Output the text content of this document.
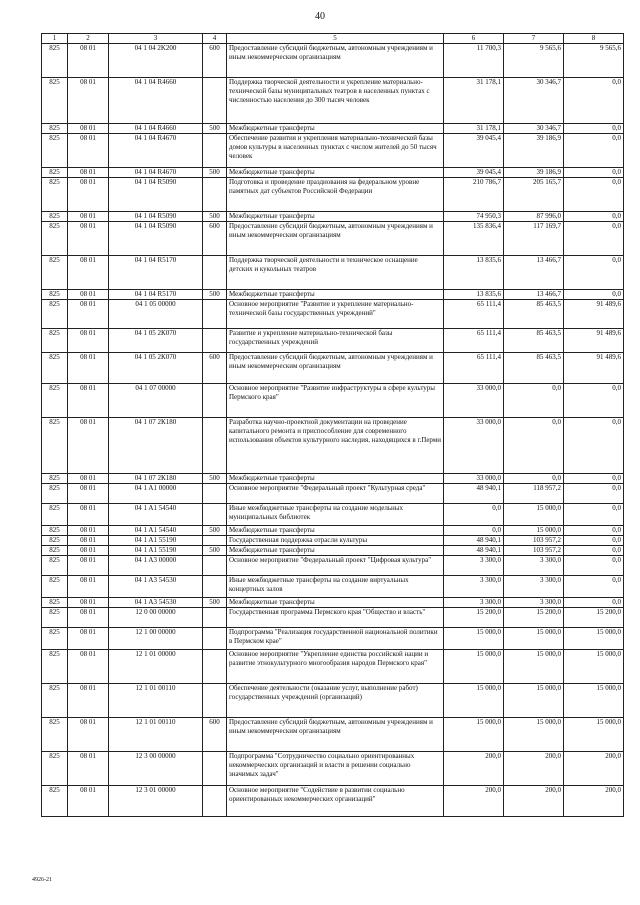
40
1	2	3	4	5	6	7	8
825	08 01	04 1 04 2K200	600	Предоставление субсидий бюджетным, автономным учреждениям и иным некоммерческим организациям	11 700,3	9 565,6	9 565,6
825	08 01	04 1 04 R4660		Поддержка творческой деятельности и укрепление материально-технической базы муниципальных театров в населенных пунктах с численностью населения до 300 тысяч человек	31 178,1	30 346,7	0,0
825	08 01	04 1 04 R4660	500	Межбюджетные трансферты	31 178,1	30 346,7	0,0
825	08 01	04 1 04 R4670		Обеспечение развития и укрепления материально-технической базы домов культуры в населенных пунктах с числом жителей до 50 тысяч человек	39 045,4	39 186,9	0,0
825	08 01	04 1 04 R4670	500	Межбюджетные трансферты	39 045,4	39 186,9	0,0
825	08 01	04 1 04 R5090		Подготовка и проведение празднования на федеральном уровне памятных дат субъектов Российской Федерации	210 786,7	205 165,7	0,0
825	08 01	04 1 04 R5090	500	Межбюджетные трансферты	74 950,3	87 996,0	0,0
825	08 01	04 1 04 R5090	600	Предоставление субсидий бюджетным, автономным учреждениям и иным некоммерческим организациям	135 836,4	117 169,7	0,0
825	08 01	04 1 04 R5170		Поддержка творческой деятельности и техническое оснащение детских и кукольных театров	13 835,6	13 466,7	0,0
825	08 01	04 1 04 R5170	500	Межбюджетные трансферты	13 835,6	13 466,7	0,0
825	08 01	04 1 05 00000		Основное мероприятие "Развитие и укрепление материально-технической базы государственных учреждений"	65 111,4	85 463,5	91 489,6
825	08 01	04 1 05 2К070		Развитие и укрепление материально-технической базы государственных учреждений	65 111,4	85 463,5	91 489,6
825	08 01	04 1 05 2К070	600	Предоставление субсидий бюджетным, автономным учреждениям и иным некоммерческим организациям	65 111,4	85 463,5	91 489,6
825	08 01	04 1 07 00000		Основное мероприятие "Развитие инфраструктуры в сфере культуры Пермского края"	33 000,0	0,0	0,0
825	08 01	04 1 07 2К180		Разработка научно-проектной документации на проведение капитального ремонта и приспособление для современного использования объектов культурного наследия, находящихся в г.Перми	33 000,0	0,0	0,0
825	08 01	04 1 07 2К180	500	Межбюджетные трансферты	33 000,0	0,0	0,0
825	08 01	04 1 A1 00000		Основное мероприятие "Федеральный проект "Культурная среда"	48 940,1	118 957,2	0,0
825	08 01	04 1 A1 54540		Иные межбюджетные трансферты на создание модельных муниципальных библиотек	0,0	15 000,0	0,0
825	08 01	04 1 A1 54540	500	Межбюджетные трансферты	0,0	15 000,0	0,0
825	08 01	04 1 A1 55190		Государственная поддержка отрасли культуры	48 940,1	103 957,2	0,0
825	08 01	04 1 A1 55190	500	Межбюджетные трансферты	48 940,1	103 957,2	0,0
825	08 01	04 1 A3 00000		Основное мероприятие "Федеральный проект "Цифровая культура"	3 300,0	3 300,0	0,0
825	08 01	04 1 A3 54530		Иные межбюджетные трансферты на создание виртуальных концертных залов	3 300,0	3 300,0	0,0
825	08 01	04 1 A3 54530	500	Межбюджетные трансферты	3 300,0	3 300,0	0,0
825	08 01	12 0 00 00000		Государственная программа Пермского края "Общество и власть"	15 200,0	15 200,0	15 200,0
825	08 01	12 1 00 00000		Подпрограмма "Реализация государственной национальной политики в Пермском крае"	15 000,0	15 000,0	15 000,0
825	08 01	12 1 01 00000		Основное мероприятие "Укрепление единства российской нации и развитие этнокультурного многообразия народов Пермского края"	15 000,0	15 000,0	15 000,0
825	08 01	12 1 01 00110		Обеспечение деятельности (оказание услуг, выполнение работ) государственных учреждений (организаций)	15 000,0	15 000,0	15 000,0
825	08 01	12 1 01 00110	600	Предоставление субсидий бюджетным, автономным учреждениям и иным некоммерческим организациям	15 000,0	15 000,0	15 000,0
825	08 01	12 3 00 00000		Подпрограмма "Сотрудничество социально ориентированных некоммерческих организаций и власти в решении социально значимых задач"	200,0	200,0	200,0
825	08 01	12 3 01 00000		Основное мероприятие "Содействие в развитии социально ориентированных некоммерческих организаций"	200,0	200,0	200,0
4926-21
